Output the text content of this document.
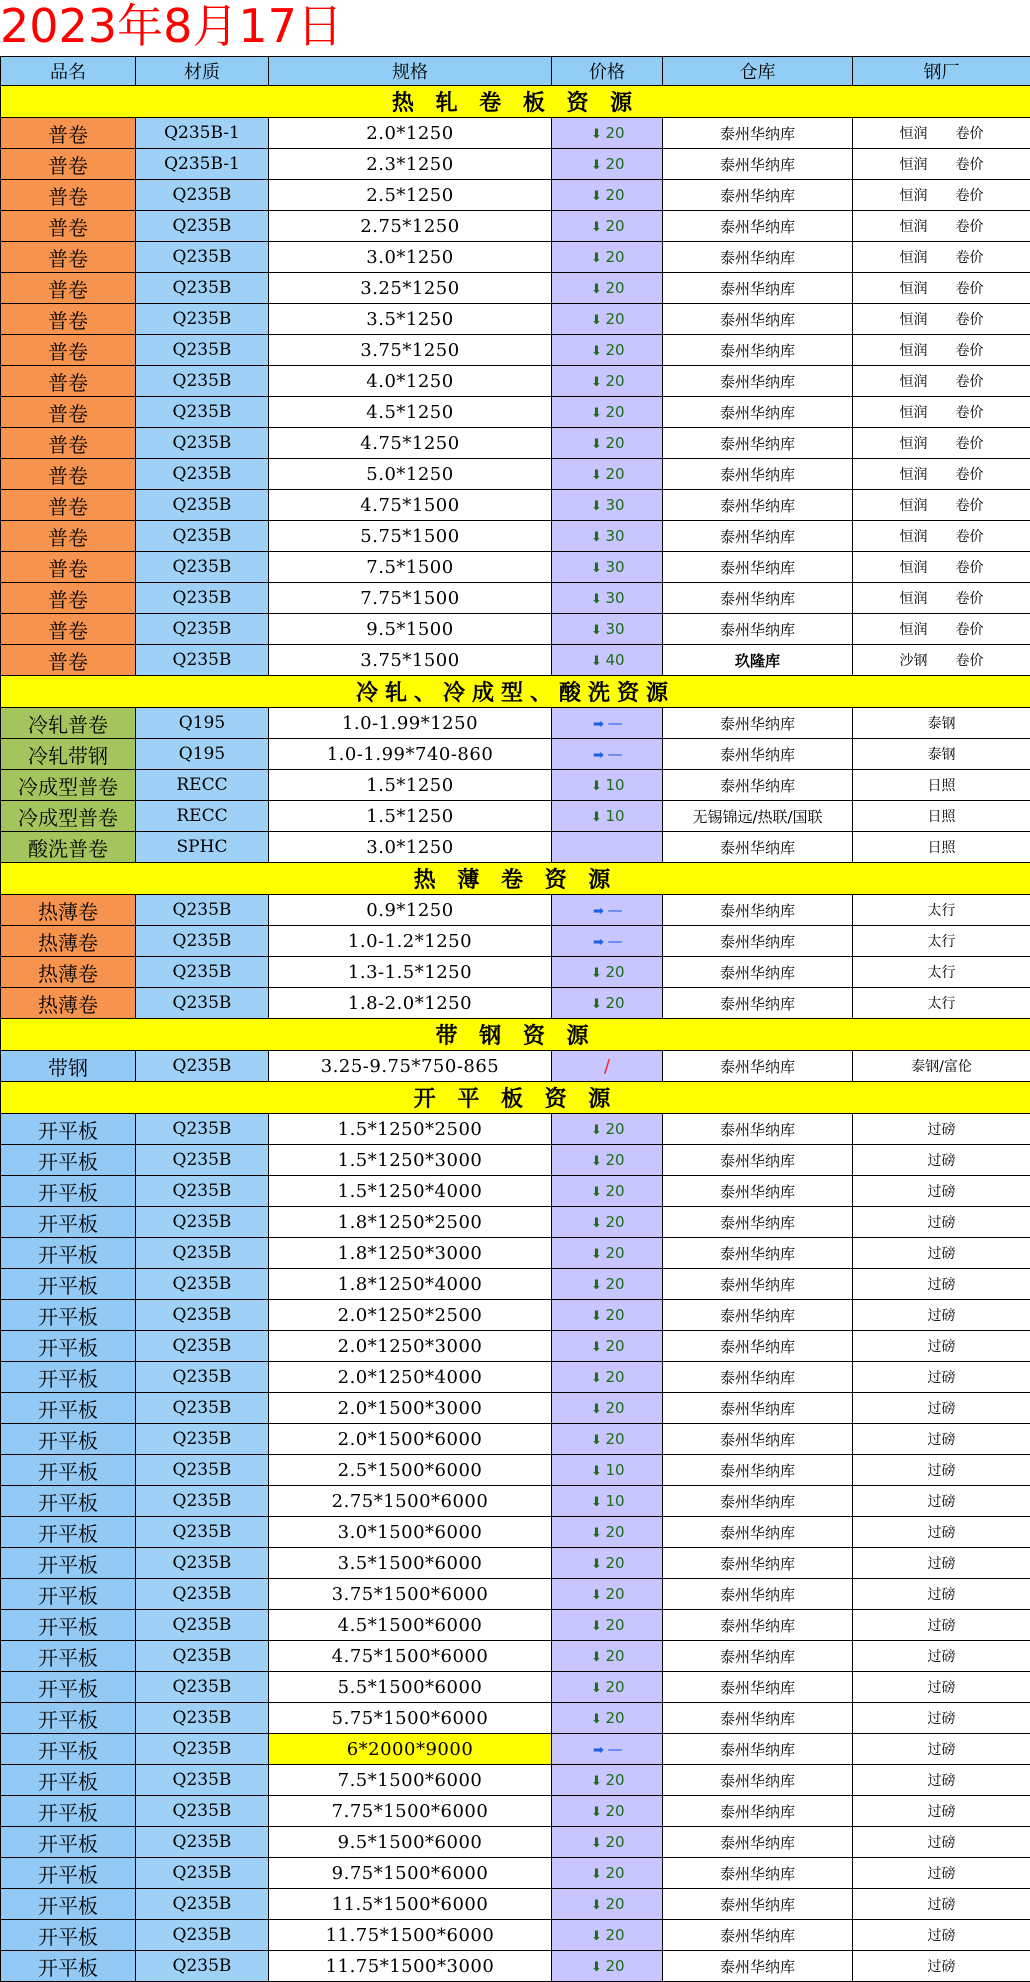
2023年8月17日
品名	材质	规格	价格	仓库	钢厂
热 轧 卷 板 资 源					
普卷	Q235B-1	2.0*1250	⬇ 20	泰州华纳库	恒润 卷价
普卷	Q235B-1	2.3*1250	⬇ 20	泰州华纳库	恒润 卷价
普卷	Q235B	2.5*1250	⬇ 20	泰州华纳库	恒润 卷价
普卷	Q235B	2.75*1250	⬇ 20	泰州华纳库	恒润 卷价
普卷	Q235B	3.0*1250	⬇ 20	泰州华纳库	恒润 卷价
普卷	Q235B	3.25*1250	⬇ 20	泰州华纳库	恒润 卷价
普卷	Q235B	3.5*1250	⬇ 20	泰州华纳库	恒润 卷价
普卷	Q235B	3.75*1250	⬇ 20	泰州华纳库	恒润 卷价
普卷	Q235B	4.0*1250	⬇ 20	泰州华纳库	恒润 卷价
普卷	Q235B	4.5*1250	⬇ 20	泰州华纳库	恒润 卷价
普卷	Q235B	4.75*1250	⬇ 20	泰州华纳库	恒润 卷价
普卷	Q235B	5.0*1250	⬇ 20	泰州华纳库	恒润 卷价
普卷	Q235B	4.75*1500	⬇ 30	泰州华纳库	恒润 卷价
普卷	Q235B	5.75*1500	⬇ 30	泰州华纳库	恒润 卷价
普卷	Q235B	7.5*1500	⬇ 30	泰州华纳库	恒润 卷价
普卷	Q235B	7.75*1500	⬇ 30	泰州华纳库	恒润 卷价
普卷	Q235B	9.5*1500	⬇ 30	泰州华纳库	恒润 卷价
普卷	Q235B	3.75*1500	⬇ 40	玖隆库	沙钢 卷价
冷轧、冷成型、酸洗资源					
冷轧普卷	Q195	1.0-1.99*1250	➡ —	泰州华纳库	泰钢
冷轧带钢	Q195	1.0-1.99*740-860	➡ —	泰州华纳库	泰钢
冷成型普卷	RECC	1.5*1250	⬇ 10	泰州华纳库	日照
冷成型普卷	RECC	1.5*1250	⬇ 10	无锡锦远/热联/国联	日照
酸洗普卷	SPHC	3.0*1250		泰州华纳库	日照
热 薄 卷 资 源					
热薄卷	Q235B	0.9*1250	➡ —	泰州华纳库	太行
热薄卷	Q235B	1.0-1.2*1250	➡ —	泰州华纳库	太行
热薄卷	Q235B	1.3-1.5*1250	⬇ 20	泰州华纳库	太行
热薄卷	Q235B	1.8-2.0*1250	⬇ 20	泰州华纳库	太行
带 钢 资 源					
带钢	Q235B	3.25-9.75*750-865	/	泰州华纳库	泰钢/富伦
开 平 板 资 源					
开平板	Q235B	1.5*1250*2500	⬇ 20	泰州华纳库	过磅
开平板	Q235B	1.5*1250*3000	⬇ 20	泰州华纳库	过磅
开平板	Q235B	1.5*1250*4000	⬇ 20	泰州华纳库	过磅
开平板	Q235B	1.8*1250*2500	⬇ 20	泰州华纳库	过磅
开平板	Q235B	1.8*1250*3000	⬇ 20	泰州华纳库	过磅
开平板	Q235B	1.8*1250*4000	⬇ 20	泰州华纳库	过磅
开平板	Q235B	2.0*1250*2500	⬇ 20	泰州华纳库	过磅
开平板	Q235B	2.0*1250*3000	⬇ 20	泰州华纳库	过磅
开平板	Q235B	2.0*1250*4000	⬇ 20	泰州华纳库	过磅
开平板	Q235B	2.0*1500*3000	⬇ 20	泰州华纳库	过磅
开平板	Q235B	2.0*1500*6000	⬇ 20	泰州华纳库	过磅
开平板	Q235B	2.5*1500*6000	⬇ 10	泰州华纳库	过磅
开平板	Q235B	2.75*1500*6000	⬇ 10	泰州华纳库	过磅
开平板	Q235B	3.0*1500*6000	⬇ 20	泰州华纳库	过磅
开平板	Q235B	3.5*1500*6000	⬇ 20	泰州华纳库	过磅
开平板	Q235B	3.75*1500*6000	⬇ 20	泰州华纳库	过磅
开平板	Q235B	4.5*1500*6000	⬇ 20	泰州华纳库	过磅
开平板	Q235B	4.75*1500*6000	⬇ 20	泰州华纳库	过磅
开平板	Q235B	5.5*1500*6000	⬇ 20	泰州华纳库	过磅
开平板	Q235B	5.75*1500*6000	⬇ 20	泰州华纳库	过磅
开平板	Q235B	6*2000*9000	➡ —	泰州华纳库	过磅
开平板	Q235B	7.5*1500*6000	⬇ 20	泰州华纳库	过磅
开平板	Q235B	7.75*1500*6000	⬇ 20	泰州华纳库	过磅
开平板	Q235B	9.5*1500*6000	⬇ 20	泰州华纳库	过磅
开平板	Q235B	9.75*1500*6000	⬇ 20	泰州华纳库	过磅
开平板	Q235B	11.5*1500*6000	⬇ 20	泰州华纳库	过磅
开平板	Q235B	11.75*1500*6000	⬇ 20	泰州华纳库	过磅
开平板	Q235B	11.75*1500*3000	⬇ 20	泰州华纳库	过磅
